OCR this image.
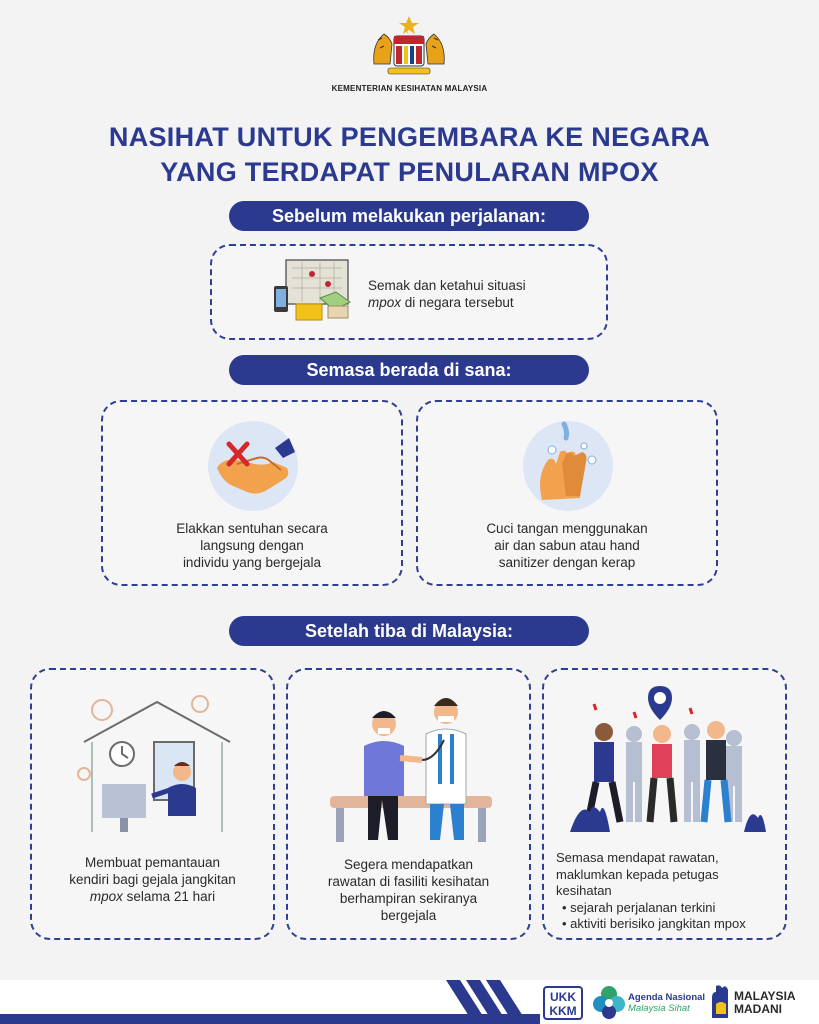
KEMENTERIAN KESIHATAN MALAYSIA
NASIHAT UNTUK PENGEMBARA KE NEGARA
YANG TERDAPAT PENULARAN MPOX
Sebelum melakukan perjalanan:
Semak dan ketahui situasi
mpox di negara tersebut
Semasa berada di sana:
Elakkan sentuhan secara
langsung dengan
individu yang bergejala
Cuci tangan menggunakan
air dan sabun atau hand
sanitizer dengan kerap
Setelah tiba di Malaysia:
Membuat pemantauan
kendiri bagi gejala jangkitan
mpox selama 21 hari
Segera mendapatkan
rawatan di fasiliti kesihatan
berhampiran sekiranya
bergejala
Semasa mendapat rawatan,
maklumkan kepada petugas
kesihatan
• sejarah perjalanan terkini
• aktiviti berisiko jangkitan mpox
UKK
KKM
Agenda Nasional
Malaysia Sihat
MALAYSIA
MADANI
